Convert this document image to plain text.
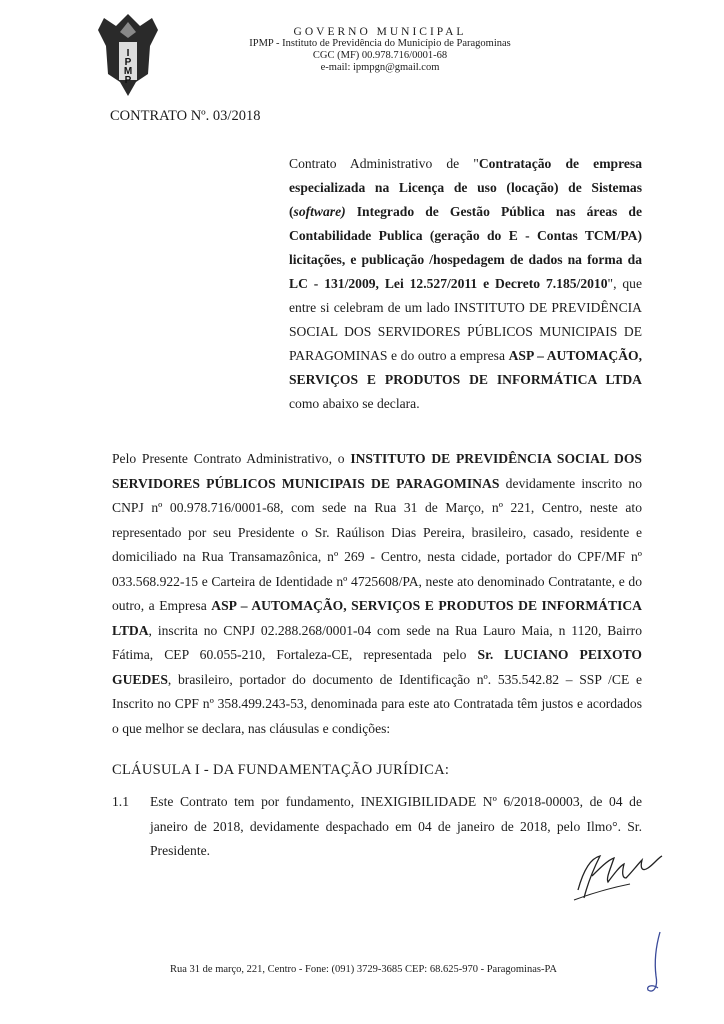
I
P
M
P
GOVERNO MUNICIPAL
IPMP - Instituto de Previdência do Município de Paragominas
CGC (MF) 00.978.716/0001-68
e-mail: ipmpgn@gmail.com
CONTRATO Nº. 03/2018
Contrato Administrativo de "Contratação de empresa especializada na Licença de uso (locação) de Sistemas (software) Integrado de Gestão Pública nas áreas de Contabilidade Publica (geração do E - Contas TCM/PA) licitações, e publicação /hospedagem de dados na forma da LC - 131/2009, Lei 12.527/2011 e Decreto 7.185/2010", que entre si celebram de um lado INSTITUTO DE PREVIDÊNCIA SOCIAL DOS SERVIDORES PÚBLICOS MUNICIPAIS DE PARAGOMINAS e do outro a empresa ASP – AUTOMAÇÃO, SERVIÇOS E PRODUTOS DE INFORMÁTICA LTDA como abaixo se declara.
Pelo Presente Contrato Administrativo, o INSTITUTO DE PREVIDÊNCIA SOCIAL DOS SERVIDORES PÚBLICOS MUNICIPAIS DE PARAGOMINAS devidamente inscrito no CNPJ nº 00.978.716/0001-68, com sede na Rua 31 de Março, nº 221, Centro, neste ato representado por seu Presidente o Sr. Raúlison Dias Pereira, brasileiro, casado, residente e domiciliado na Rua Transamazônica, nº 269 - Centro, nesta cidade, portador do CPF/MF nº 033.568.922-15 e Carteira de Identidade nº 4725608/PA, neste ato denominado Contratante, e do outro, a Empresa ASP – AUTOMAÇÃO, SERVIÇOS E PRODUTOS DE INFORMÁTICA LTDA, inscrita no CNPJ 02.288.268/0001-04 com sede na Rua Lauro Maia, n 1120, Bairro Fátima, CEP 60.055-210, Fortaleza-CE, representada pelo Sr. LUCIANO PEIXOTO GUEDES, brasileiro, portador do documento de Identificação nº. 535.542.82 – SSP /CE e Inscrito no CPF nº 358.499.243-53, denominada para este ato Contratada têm justos e acordados o que melhor se declara, nas cláusulas e condições:
CLÁUSULA I - DA FUNDAMENTAÇÃO JURÍDICA:
1.1 Este Contrato tem por fundamento, INEXIGIBILIDADE Nº 6/2018-00003, de 04 de janeiro de 2018, devidamente despachado em 04 de janeiro de 2018, pelo Ilmo°. Sr. Presidente.
Rua 31 de março, 221, Centro - Fone: (091) 3729-3685 CEP: 68.625-970 - Paragominas-PA
